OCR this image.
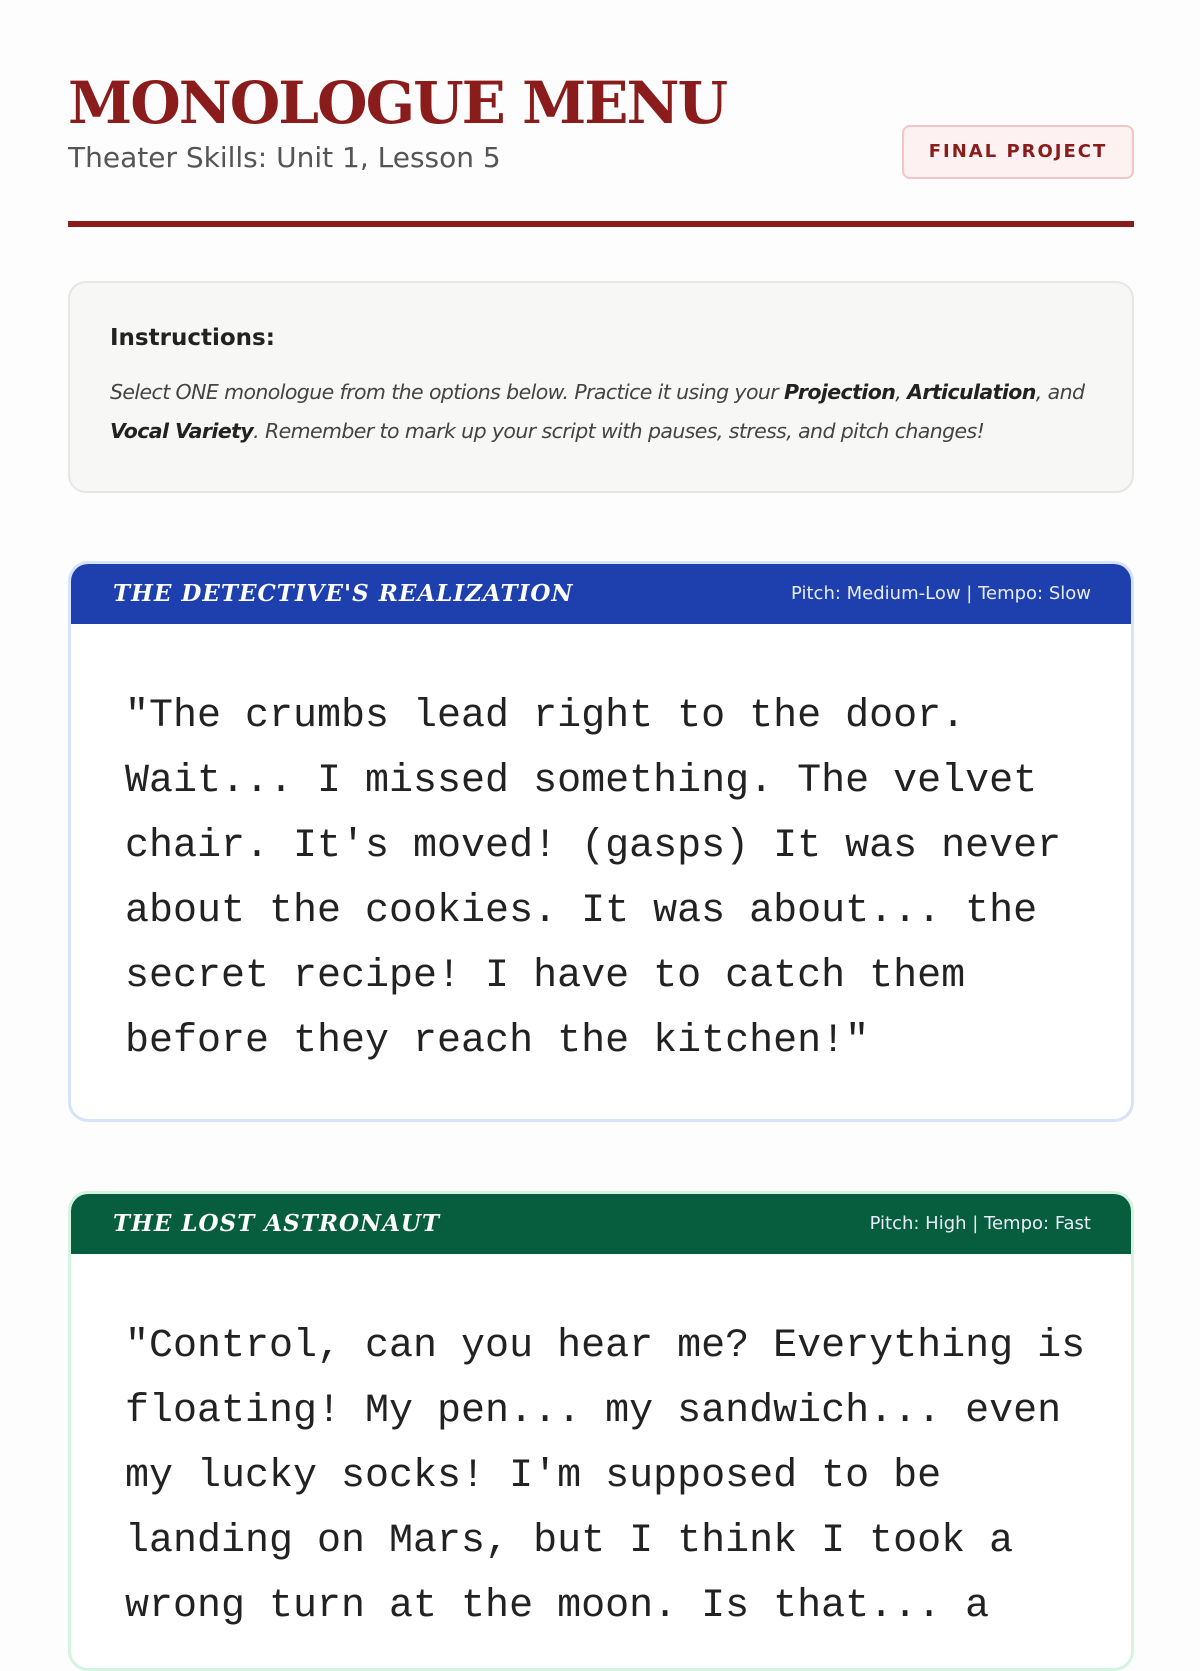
MONOLOGUE MENU
Theater Skills: Unit 1, Lesson 5	FINAL PROJECT

Instructions:

Select ONE monologue from the options below. Practice it using your Projection, Articulation, and Vocal Variety. Remember to mark up your script with pauses, stress, and pitch changes!

THE DETECTIVE'S REALIZATION	Pitch: Medium-Low | Tempo: Slow

"The crumbs lead right to the door. Wait... I missed something. The velvet chair. It's moved! (gasps) It was never about the cookies. It was about... the secret recipe! I have to catch them before they reach the kitchen!"

THE LOST ASTRONAUT	Pitch: High | Tempo: Fast

"Control, can you hear me? Everything is floating! My pen... my sandwich... even my lucky socks! I'm supposed to be landing on Mars, but I think I took a wrong turn at the moon. Is that... a
